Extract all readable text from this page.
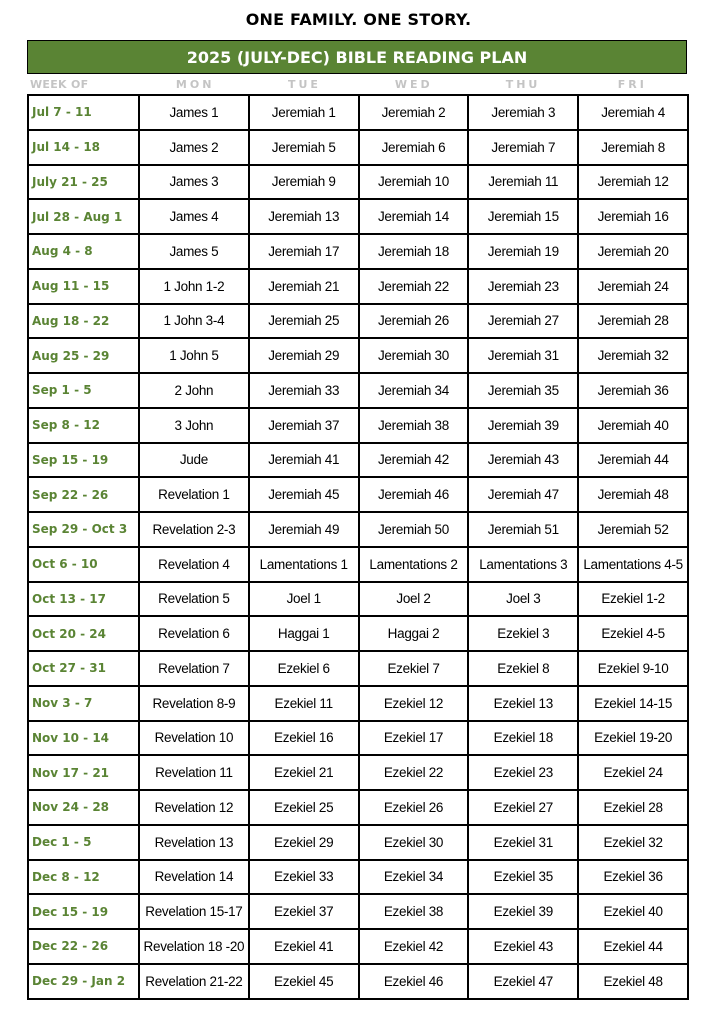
ONE FAMILY. ONE STORY.
2025 (JULY-DEC) BIBLE READING PLAN
WEEK OF	MON	TUE	WED	THU	FRI
Jul 7 - 11	James 1	Jeremiah 1	Jeremiah 2	Jeremiah 3	Jeremiah 4
Jul 14 - 18	James 2	Jeremiah 5	Jeremiah 6	Jeremiah 7	Jeremiah 8
July 21 - 25	James 3	Jeremiah 9	Jeremiah 10	Jeremiah 11	Jeremiah 12
Jul 28 - Aug 1	James 4	Jeremiah 13	Jeremiah 14	Jeremiah 15	Jeremiah 16
Aug 4 - 8	James 5	Jeremiah 17	Jeremiah 18	Jeremiah 19	Jeremiah 20
Aug 11 - 15	1 John 1-2	Jeremiah 21	Jeremiah 22	Jeremiah 23	Jeremiah 24
Aug 18 - 22	1 John 3-4	Jeremiah 25	Jeremiah 26	Jeremiah 27	Jeremiah 28
Aug 25 - 29	1 John 5	Jeremiah 29	Jeremiah 30	Jeremiah 31	Jeremiah 32
Sep 1 - 5	2 John	Jeremiah 33	Jeremiah 34	Jeremiah 35	Jeremiah 36
Sep 8 - 12	3 John	Jeremiah 37	Jeremiah 38	Jeremiah 39	Jeremiah 40
Sep 15 - 19	Jude	Jeremiah 41	Jeremiah 42	Jeremiah 43	Jeremiah 44
Sep 22 - 26	Revelation 1	Jeremiah 45	Jeremiah 46	Jeremiah 47	Jeremiah 48
Sep 29 - Oct 3	Revelation 2-3	Jeremiah 49	Jeremiah 50	Jeremiah 51	Jeremiah 52
Oct 6 - 10	Revelation 4	Lamentations 1	Lamentations 2	Lamentations 3	Lamentations 4-5
Oct 13 - 17	Revelation 5	Joel 1	Joel 2	Joel 3	Ezekiel 1-2
Oct 20 - 24	Revelation 6	Haggai 1	Haggai 2	Ezekiel 3	Ezekiel 4-5
Oct 27 - 31	Revelation 7	Ezekiel 6	Ezekiel 7	Ezekiel 8	Ezekiel 9-10
Nov 3 - 7	Revelation 8-9	Ezekiel 11	Ezekiel 12	Ezekiel 13	Ezekiel 14-15
Nov 10 - 14	Revelation 10	Ezekiel 16	Ezekiel 17	Ezekiel 18	Ezekiel 19-20
Nov 17 - 21	Revelation 11	Ezekiel 21	Ezekiel 22	Ezekiel 23	Ezekiel 24
Nov 24 - 28	Revelation 12	Ezekiel 25	Ezekiel 26	Ezekiel 27	Ezekiel 28
Dec 1 - 5	Revelation 13	Ezekiel 29	Ezekiel 30	Ezekiel 31	Ezekiel 32
Dec 8 - 12	Revelation 14	Ezekiel 33	Ezekiel 34	Ezekiel 35	Ezekiel 36
Dec 15 - 19	Revelation 15-17	Ezekiel 37	Ezekiel 38	Ezekiel 39	Ezekiel 40
Dec 22 - 26	Revelation 18 -20	Ezekiel 41	Ezekiel 42	Ezekiel 43	Ezekiel 44
Dec 29 - Jan 2	Revelation 21-22	Ezekiel 45	Ezekiel 46	Ezekiel 47	Ezekiel 48
